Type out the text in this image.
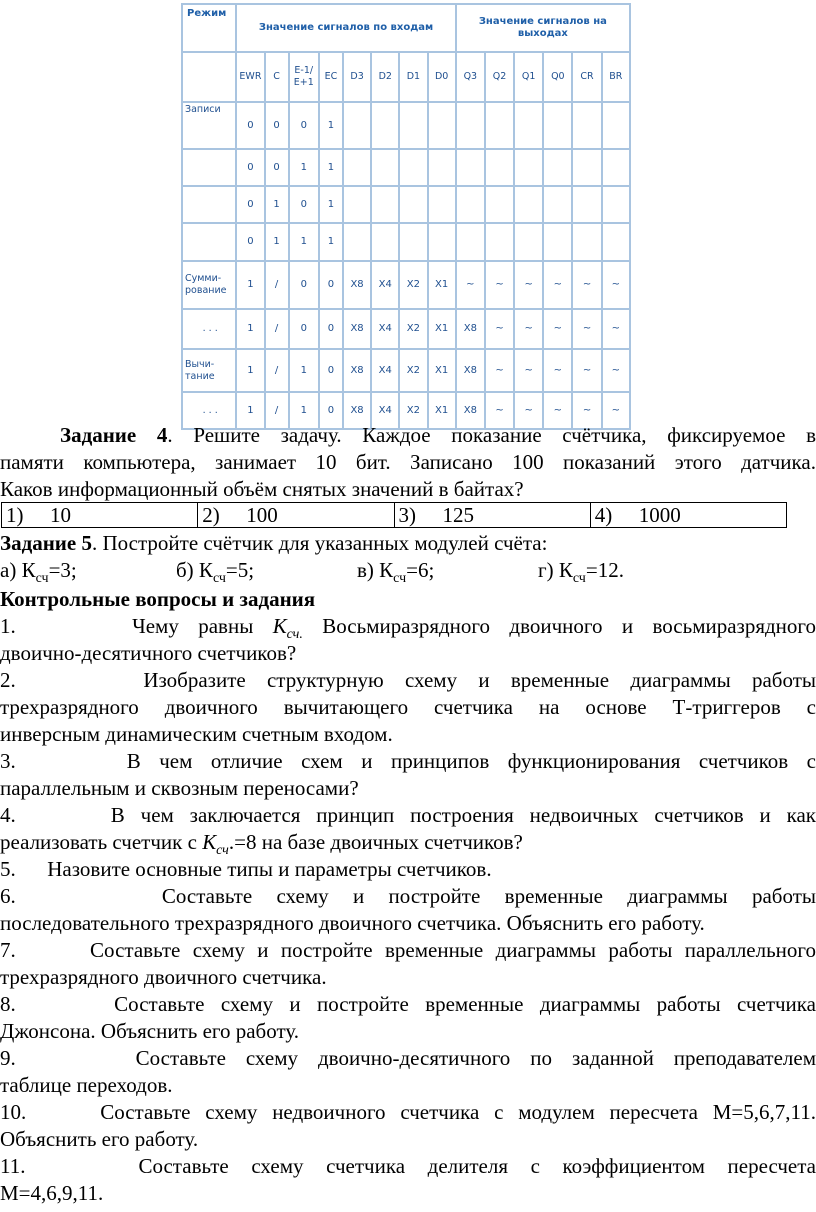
Режим	Значение сигналов по входам								Значение сигналов на выходах					
	EWR	C	E-1/ E+1	EC	D3	D2	D1	D0	Q3	Q2	Q1	Q0	CR	BR
Записи	0	0	0	1										
	0	0	1	1										
	0	1	0	1										
	0	1	1	1										
Сумми- рование	1	/	0	0	X8	X4	X2	X1	~	~	~	~	~	~
. . .	1	/	0	0	X8	X4	X2	X1	X8	~	~	~	~	~
Вычи- тание	1	/	1	0	X8	X4	X2	X1	X8	~	~	~	~	~
. . .	1	/	1	0	X8	X4	X2	X1	X8	~	~	~	~	~
Задание 4. Решите задачу. Каждое показание счётчика, фиксируемое в
памяти компьютера, занимает 10 бит. Записано 100 показаний этого датчика.
Каков информационный объём снятых значений в байтах?
1) 10	2) 100	3) 125	4) 1000
Задание 5. Постройте счётчик для указанных модулей счёта:
а) $К_{сч}=3$;	б) $К_{сч}=5$;	в) $К_{сч}=6$;	г) $К_{сч}=12$.
Контрольные вопросы и задания
1.      Чему равны $К_{сч.}$ Восьмиразрядного двоичного и восьмиразрядного
двоично-десятичного счетчиков?
2.      Изобразите структурную схему и временные диаграммы работы
трехразрядного двоичного вычитающего счетчика на основе Т-триггеров с
инверсным динамическим счетным входом.
3.      В чем отличие схем и принципов функционирования счетчиков с
параллельным и сквозным переносами?
4.      В чем заключается принцип построения недвоичных счетчиков и как
реализовать счетчик с $К_{сч}.=8$ на базе двоичных счетчиков?
5.      Назовите основные типы и параметры счетчиков.
6.      Составьте схему и постройте временные диаграммы работы
последовательного трехразрядного двоичного счетчика. Объяснить его работу.
7.      Составьте схему и постройте временные диаграммы работы параллельного
трехразрядного двоичного счетчика.
8.      Составьте схему и постройте временные диаграммы работы счетчика
Джонсона. Объяснить его работу.
9.      Составьте схему двоично-десятичного по заданной преподавателем
таблице переходов.
10.     Составьте схему недвоичного счетчика с модулем пересчета М=5,6,7,11.
Объяснить его работу.
11.     Составьте схему счетчика делителя с коэффициентом пересчета
М=4,6,9,11.
